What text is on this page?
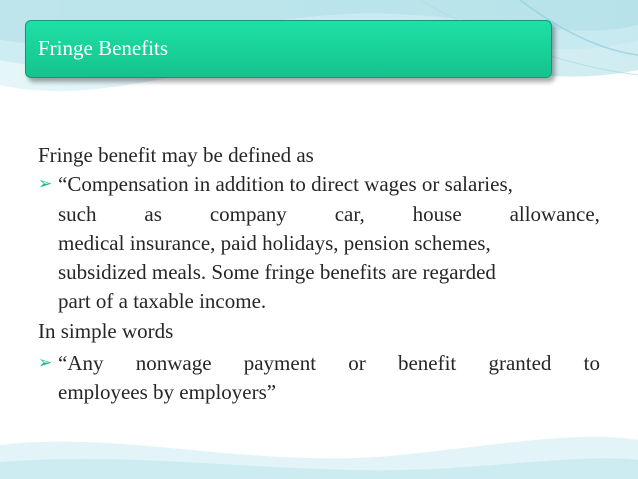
Fringe Benefits
Fringe benefit may be defined as
➢ “Compensation in addition to direct wages or salaries,
such as company car, house allowance,
medical insurance, paid holidays, pension schemes,
subsidized meals. Some fringe benefits are regarded
part of a taxable income.
In simple words
➢ “Any nonwage payment or benefit granted to
employees by employers”
